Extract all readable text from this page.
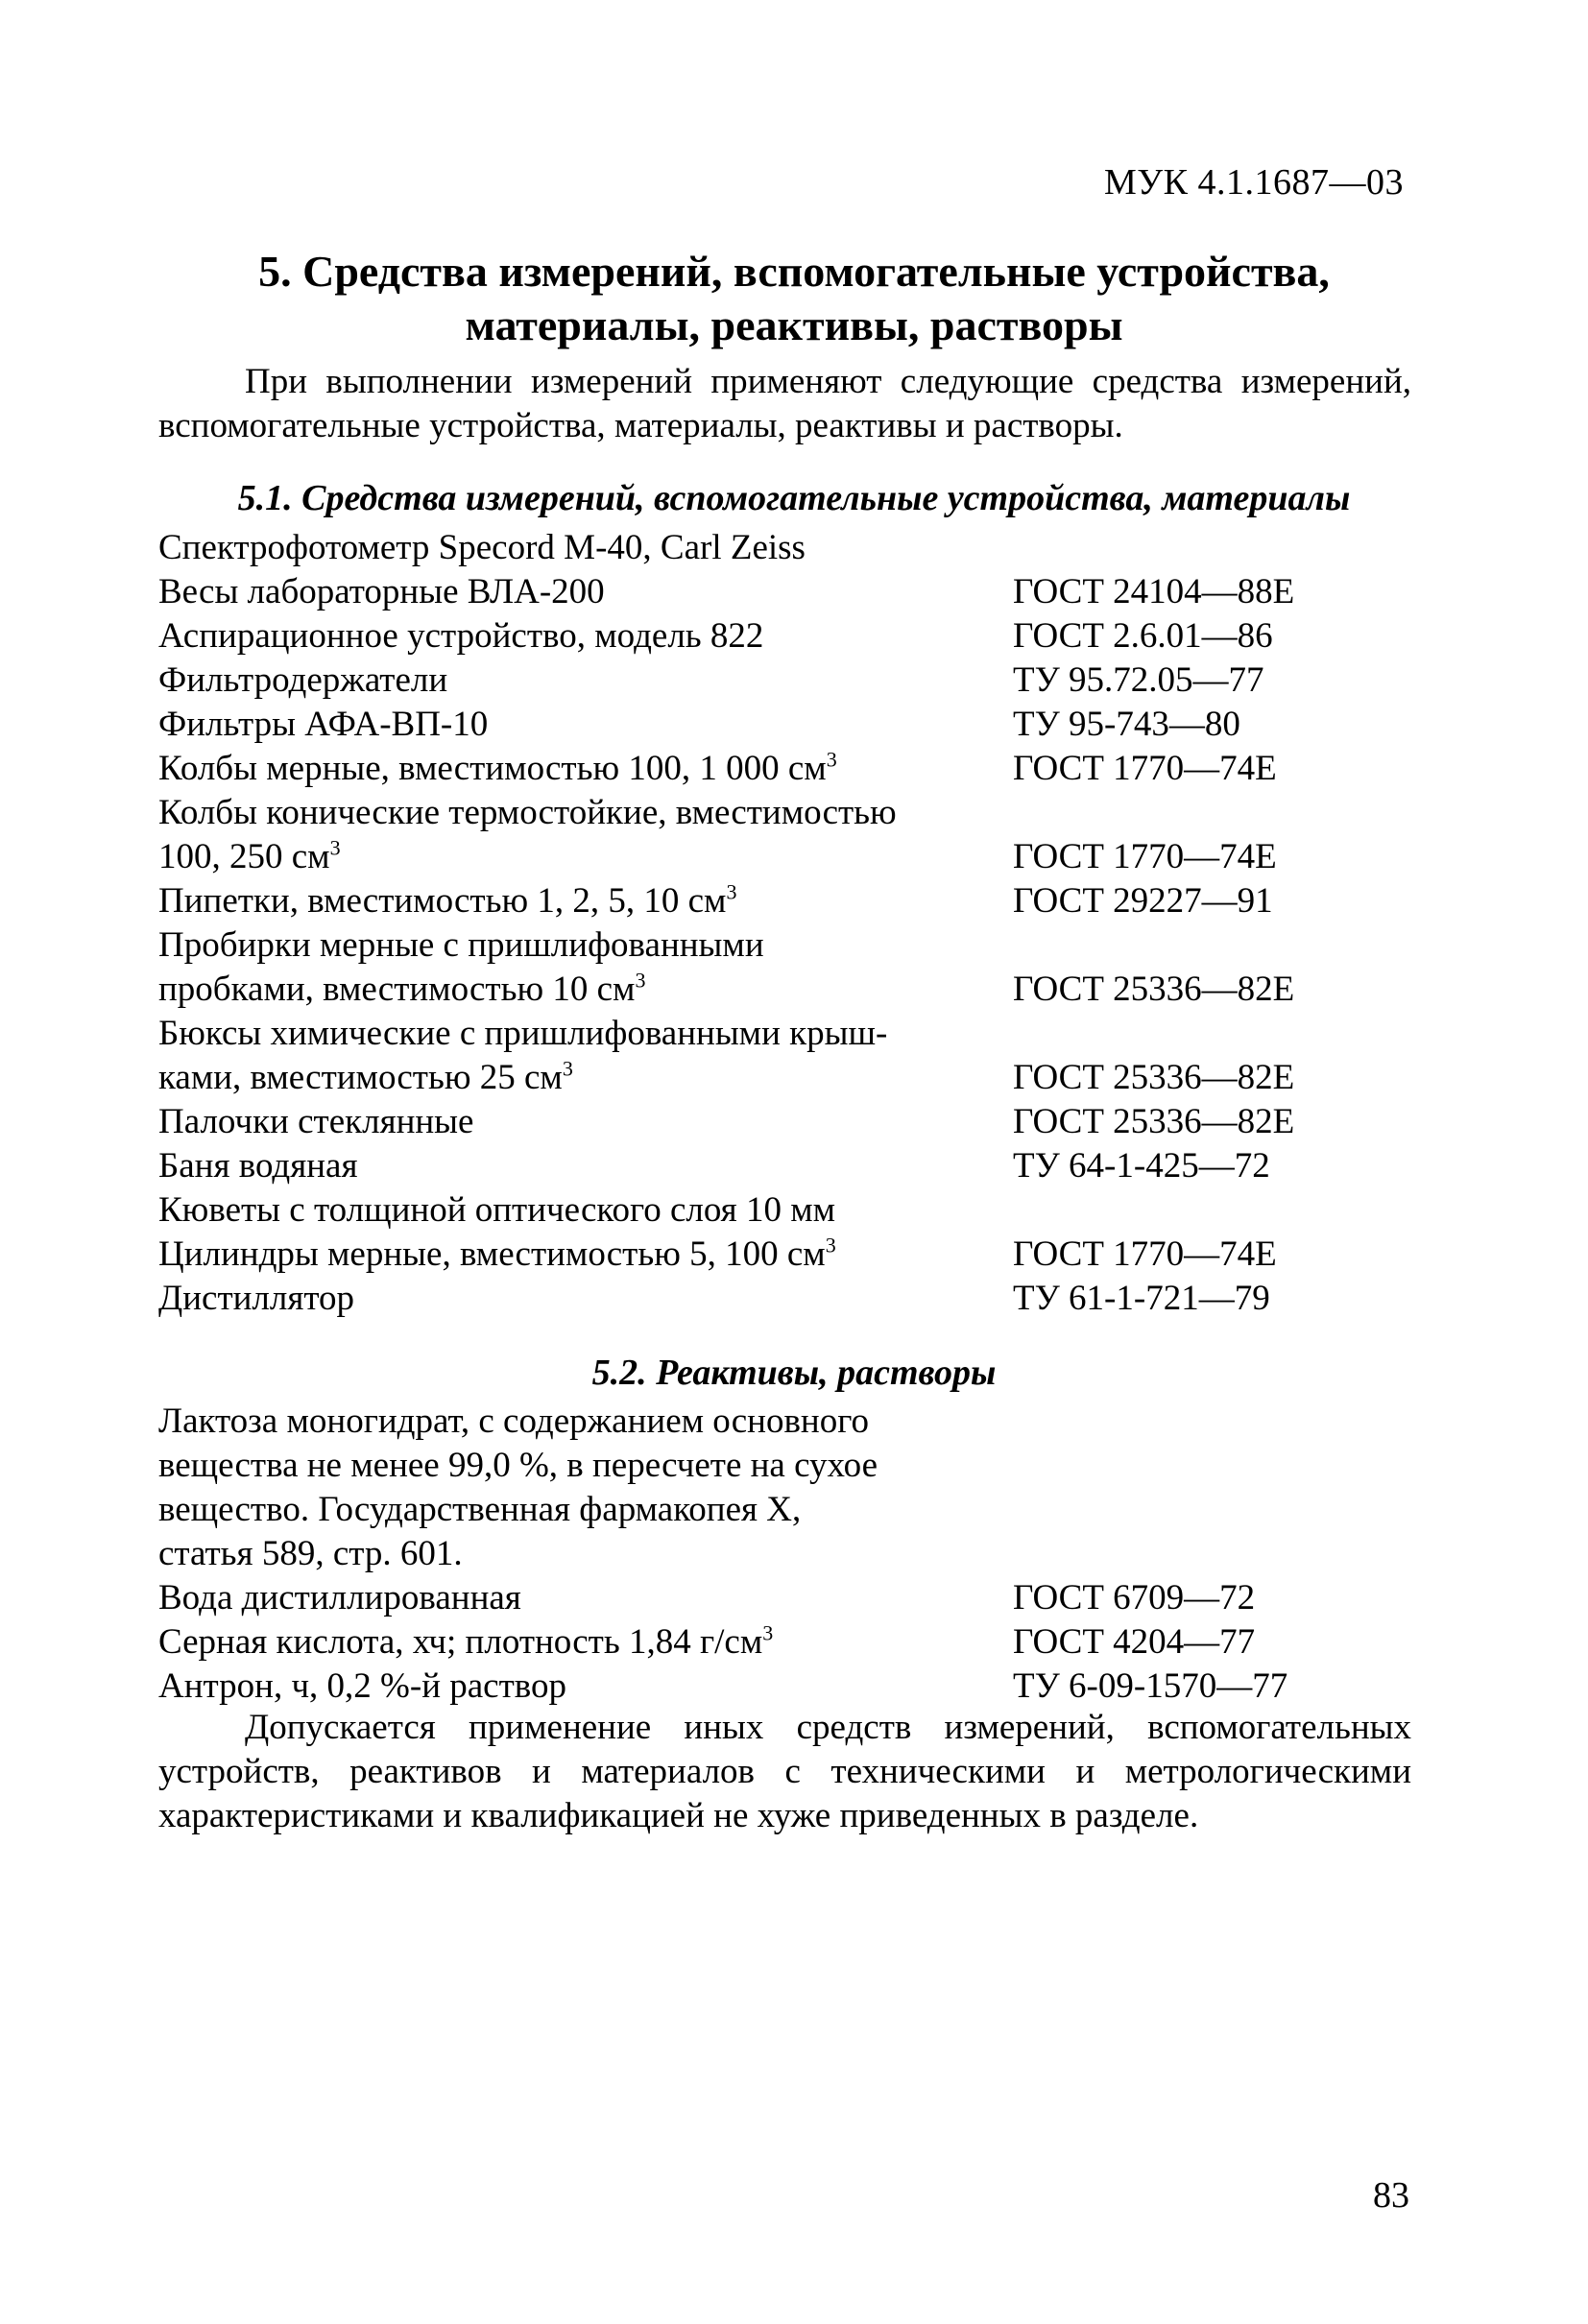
МУК 4.1.1687—03
5. Средства измерений, вспомогательные устройства,
материалы, реактивы, растворы

При выполнении измерений применяют следующие средства измерений, вспомогательные устройства, материалы, реактивы и растворы.

5.1. Средства измерений, вспомогательные устройства, материалы
Спектрофотометр Specord M-40, Carl Zeiss
Весы лабораторные ВЛА-200	ГОСТ 24104—88Е
Аспирационное устройство, модель 822	ГОСТ 2.6.01—86
Фильтродержатели	ТУ 95.72.05—77
Фильтры АФА-ВП-10	ТУ 95-743—80
Колбы мерные, вместимостью 100, 1 000 $см^3$	ГОСТ 1770—74Е
Колбы конические термостойкие, вместимостью
100, 250 $см^3$	ГОСТ 1770—74Е
Пипетки, вместимостью 1, 2, 5, 10 $см^3$	ГОСТ 29227—91
Пробирки мерные с пришлифованными
пробками, вместимостью 10 $см^3$	ГОСТ 25336—82Е
Бюксы химические с пришлифованными крыш-
ками, вместимостью 25 $см^3$	ГОСТ 25336—82Е
Палочки стеклянные	ГОСТ 25336—82Е
Баня водяная	ТУ 64-1-425—72
Кюветы с толщиной оптического слоя 10 мм
Цилиндры мерные, вместимостью 5, 100 $см^3$	ГОСТ 1770—74Е
Дистиллятор	ТУ 61-1-721—79
5.2. Реактивы, растворы
Лактоза моногидрат, с содержанием основного
вещества не менее 99,0 %, в пересчете на сухое
вещество. Государственная фармакопея X,
статья 589, стр. 601.
Вода дистиллированная	ГОСТ 6709—72
Серная кислота, хч; плотность 1,84 $г/см^3$	ГОСТ 4204—77
Антрон, ч, 0,2 %-й раствор	ТУ 6-09-1570—77

Допускается применение иных средств измерений, вспомогательных устройств, реактивов и материалов с техническими и метрологическими характеристиками и квалификацией не хуже приведенных в разделе.

83
